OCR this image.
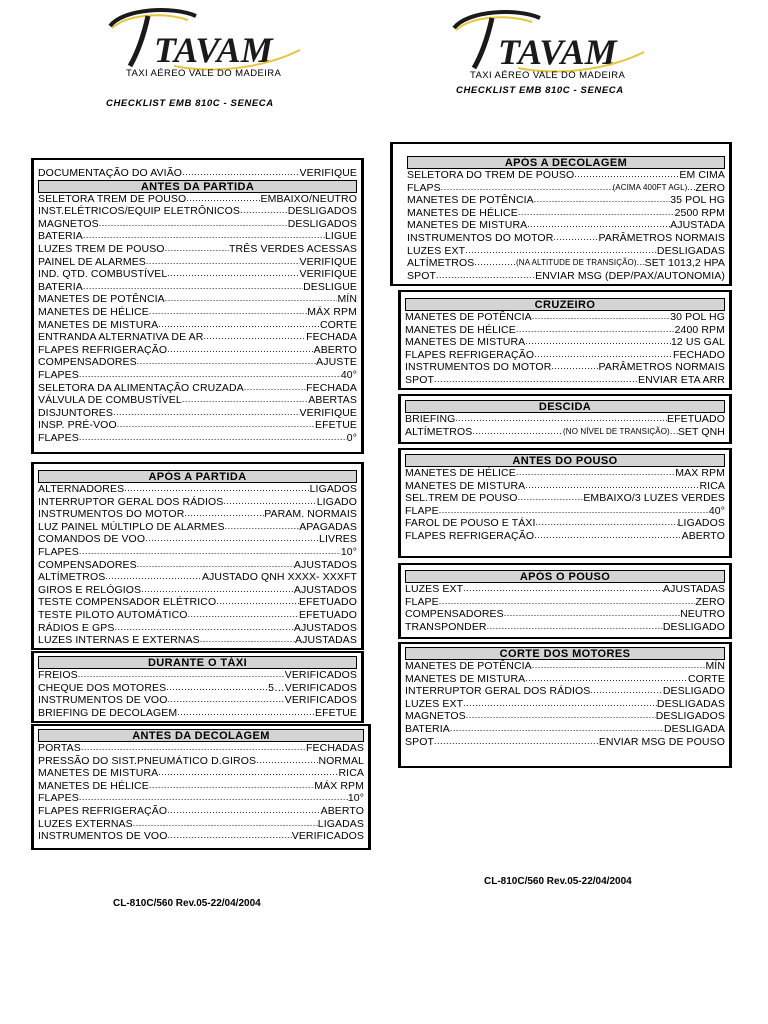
TAVAM
TAXI AÉREO VALE DO MADEIRA
CHECKLIST EMB 810C - SENECA
TAVAM
TAXI AÉREO VALE DO MADEIRA
CHECKLIST EMB 810C - SENECA
DOCUMENTAÇÃO DO AVIÃO .....	VERIFIQUE
ANTES DA PARTIDA
SELETORA TREM DE POUSO .....	EMBAIXO/NEUTRO
INST.ELÉTRICOS/EQUIP ELETRÔNICOS .....	DESLIGADOS
MAGNETOS .....	DESLIGADOS
BATERIA .....	LIGUE
LUZES TREM DE POUSO .....	TRÊS VERDES ACESSAS
PAINEL DE ALARMES .....	VERIFIQUE
IND. QTD. COMBUSTÍVEL .....	VERIFIQUE
BATERIA .....	DESLIGUE
MANETES DE POTÊNCIA .....	MÍN
MANETES DE HÉLICE .....	MÁX RPM
MANETES DE MISTURA .....	CORTE
ENTRANDA ALTERNATIVA DE AR .....	FECHADA
FLAPES REFRIGERAÇÃO .....	ABERTO
COMPENSADORES .....	AJUSTE
FLAPES .....	40°
SELETORA DA ALIMENTAÇÃO CRUZADA .....	FECHADA
VÁLVULA DE COMBUSTÍVEL .....	ABERTAS
DISJUNTORES .....	VERIFIQUE
INSP. PRÉ-VOO .....	EFETUE
FLAPES .....	0°
APÓS A PARTIDA
ALTERNADORES .....	LIGADOS
INTERRUPTOR GERAL DOS RÁDIOS .....	LIGADO
INSTRUMENTOS DO MOTOR .....	PARAM. NORMAIS
LUZ PAINEL MÚLTIPLO DE ALARMES .....	APAGADAS
COMANDOS DE VOO .....	LIVRES
FLAPES .....	10°
COMPENSADORES .....	AJUSTADOS
ALTÍMETROS .....	AJUSTADO QNH XXXX- XXXFT
GIROS E RELÓGIOS .....	AJUSTADOS
TESTE COMPENSADOR ELÉTRICO .....	EFETUADO
TESTE PILOTO AUTOMÁTICO .....	EFETUADO
RÁDIOS E GPS .....	AJUSTADOS
LUZES INTERNAS E EXTERNAS .....	AJUSTADAS
DURANTE O TÁXI
FREIOS .....	VERIFICADOS
CHEQUE DOS MOTORES .....	5…VERIFICADOS
INSTRUMENTOS DE VOO .....	VERIFICADOS
BRIEFING DE DECOLAGEM .....	EFETUE
ANTES DA DECOLAGEM
PORTAS .....	FECHADAS
PRESSÃO DO SIST.PNEUMÁTICO D.GIROS .....	NORMAL
MANETES DE MISTURA .....	RICA
MANETES DE HÉLICE .....	MÁX RPM
FLAPES .....	10°
FLAPES REFRIGERAÇÃO .....	ABERTO
LUZES EXTERNAS .....	LIGADAS
INSTRUMENTOS DE VOO .....	VERIFICADOS
APÓS A DECOLAGEM
SELETORA DO TREM DE POUSO .....	EM CIMA
FLAPS .....	(ACIMA 400FT AGL) ..... ZERO
MANETES DE POTÊNCIA .....	35 POL HG
MANETES DE HÉLICE .....	2500 RPM
MANETES DE MISTURA .....	AJUSTADA
INSTRUMENTOS DO MOTOR .....	PARÂMETROS NORMAIS
LUZES EXT .....	DESLIGADAS
ALTÍMETROS .....	(NA ALTITUDE DE TRANSIÇÃO) ..... SET 1013,2 HPA
SPOT .....	ENVIAR MSG (DEP/PAX/AUTONOMIA)
CRUZEIRO
MANETES DE POTÊNCIA .....	30 POL HG
MANETES DE HÉLICE .....	2400 RPM
MANETES DE MISTURA .....	12 US GAL
FLAPES REFRIGERAÇÃO .....	FECHADO
INSTRUMENTOS DO MOTOR .....	PARÂMETROS NORMAIS
SPOT .....	ENVIAR ETA ARR
DESCIDA
BRIEFING .....	EFETUADO
ALTÍMETROS .....	(NO NÍVEL DE TRANSIÇÃO) ..... SET QNH
ANTES DO POUSO
MANETES DE HÉLICE .....	MAX RPM
MANETES DE MISTURA .....	RICA
SEL.TREM DE POUSO .....	EMBAIXO/3 LUZES VERDES
FLAPE .....	40°
FAROL DE POUSO E TÁXI .....	LIGADOS
FLAPES REFRIGERAÇÃO .....	ABERTO
APÓS O POUSO
LUZES EXT .....	AJUSTADAS
FLAPE .....	ZERO
COMPENSADORES .....	NEUTRO
TRANSPONDER .....	DESLIGADO
CORTE DOS MOTORES
MANETES DE POTÊNCIA .....	MÍN
MANETES DE MISTURA .....	CORTE
INTERRUPTOR GERAL DOS RÁDIOS .....	DESLIGADO
LUZES EXT .....	DESLIGADAS
MAGNETOS .....	DESLIGADOS
BATERIA .....	DESLIGADA
SPOT .....	ENVIAR MSG DE POUSO
CL-810C/560 Rev.05-22/04/2004
CL-810C/560 Rev.05-22/04/2004
